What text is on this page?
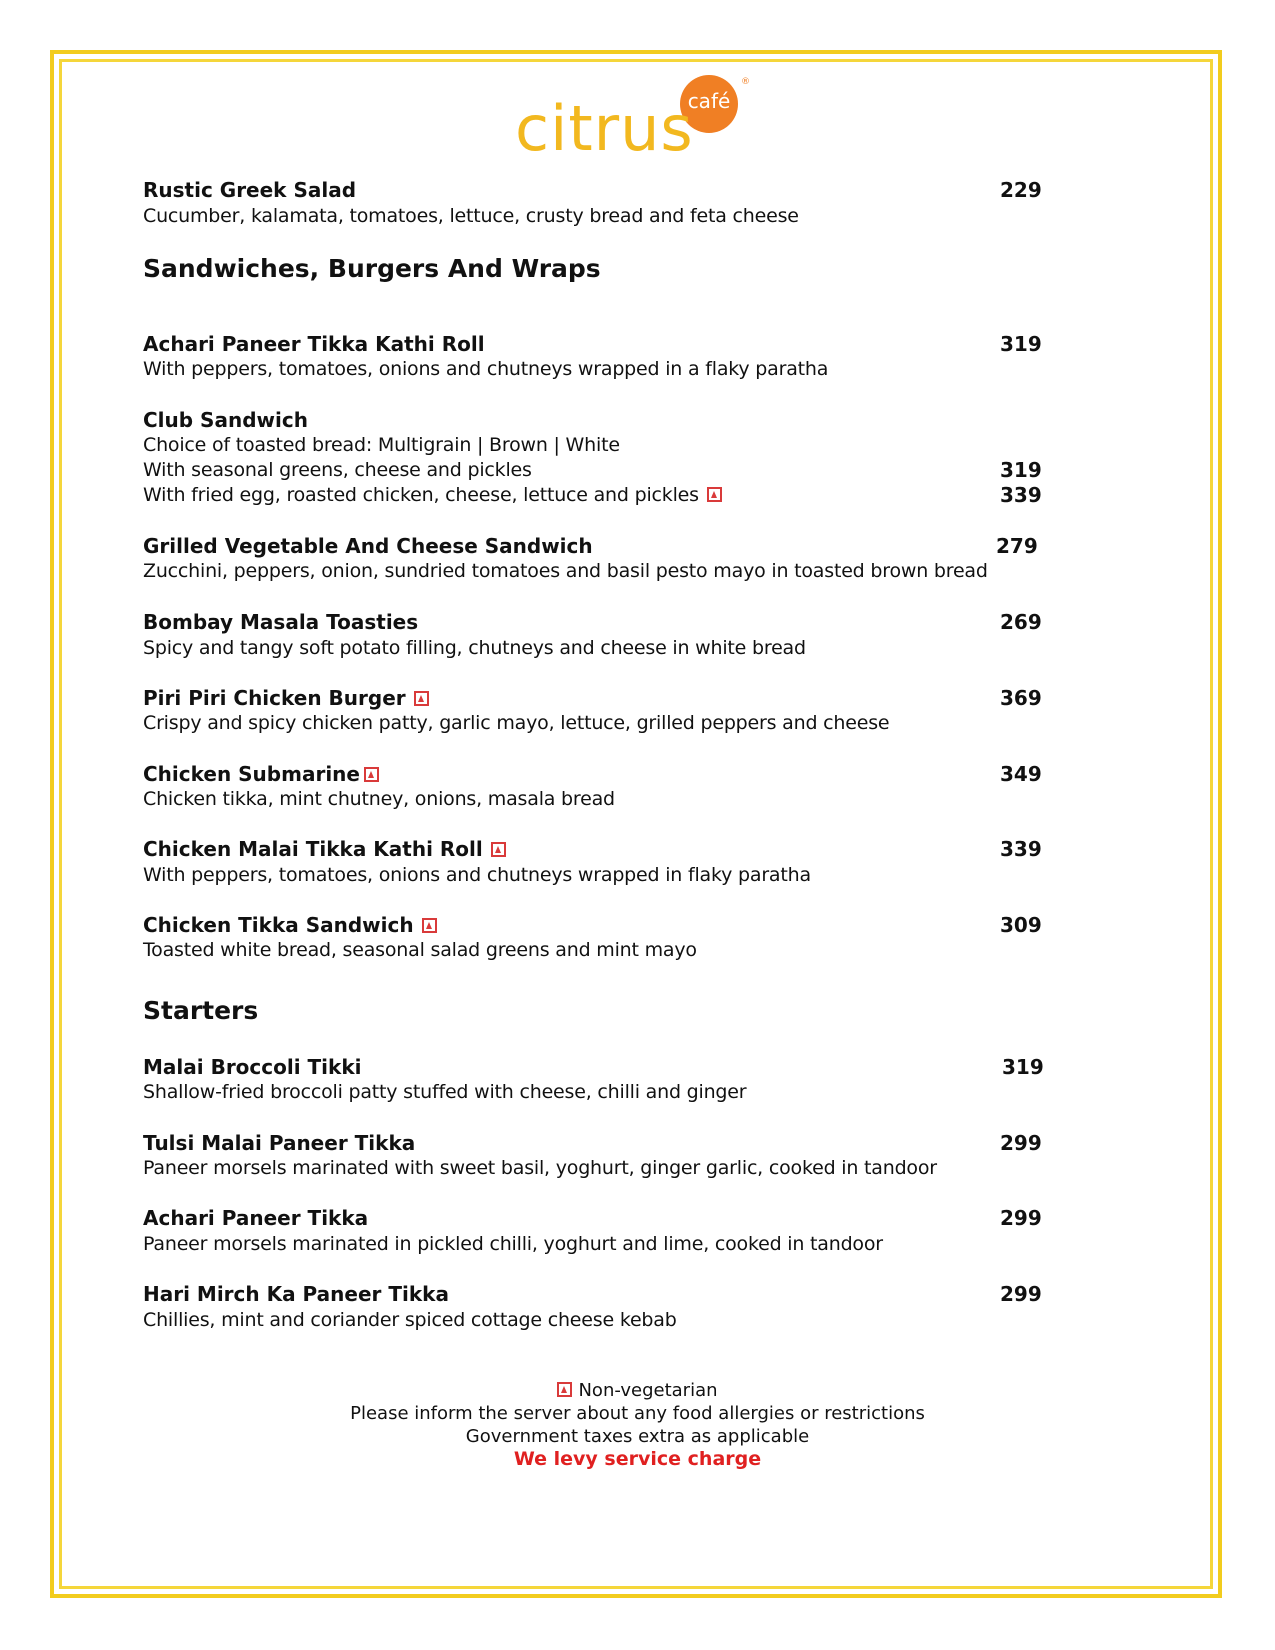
citrus
café
®
Rustic Greek Salad	229
Cucumber, kalamata, tomatoes, lettuce, crusty bread and feta cheese
Sandwiches, Burgers And Wraps
Achari Paneer Tikka Kathi Roll	319
With peppers, tomatoes, onions and chutneys wrapped in a flaky paratha
Club Sandwich
Choice of toasted bread: Multigrain | Brown | White
With seasonal greens, cheese and pickles	319
With fried egg, roasted chicken, cheese, lettuce and pickles	339
Grilled Vegetable And Cheese Sandwich	279
Zucchini, peppers, onion, sundried tomatoes and basil pesto mayo in toasted brown bread
Bombay Masala Toasties	269
Spicy and tangy soft potato filling, chutneys and cheese in white bread
Piri Piri Chicken Burger	369
Crispy and spicy chicken patty, garlic mayo, lettuce, grilled peppers and cheese
Chicken Submarine	349
Chicken tikka, mint chutney, onions, masala bread
Chicken Malai Tikka Kathi Roll	339
With peppers, tomatoes, onions and chutneys wrapped in flaky paratha
Chicken Tikka Sandwich	309
Toasted white bread, seasonal salad greens and mint mayo
Starters
Malai Broccoli Tikki	319
Shallow-fried broccoli patty stuffed with cheese, chilli and ginger
Tulsi Malai Paneer Tikka	299
Paneer morsels marinated with sweet basil, yoghurt, ginger garlic, cooked in tandoor
Achari Paneer Tikka	299
Paneer morsels marinated in pickled chilli, yoghurt and lime, cooked in tandoor
Hari Mirch Ka Paneer Tikka	299
Chillies, mint and coriander spiced cottage cheese kebab
Non-vegetarian
Please inform the server about any food allergies or restrictions
Government taxes extra as applicable
We levy service charge
